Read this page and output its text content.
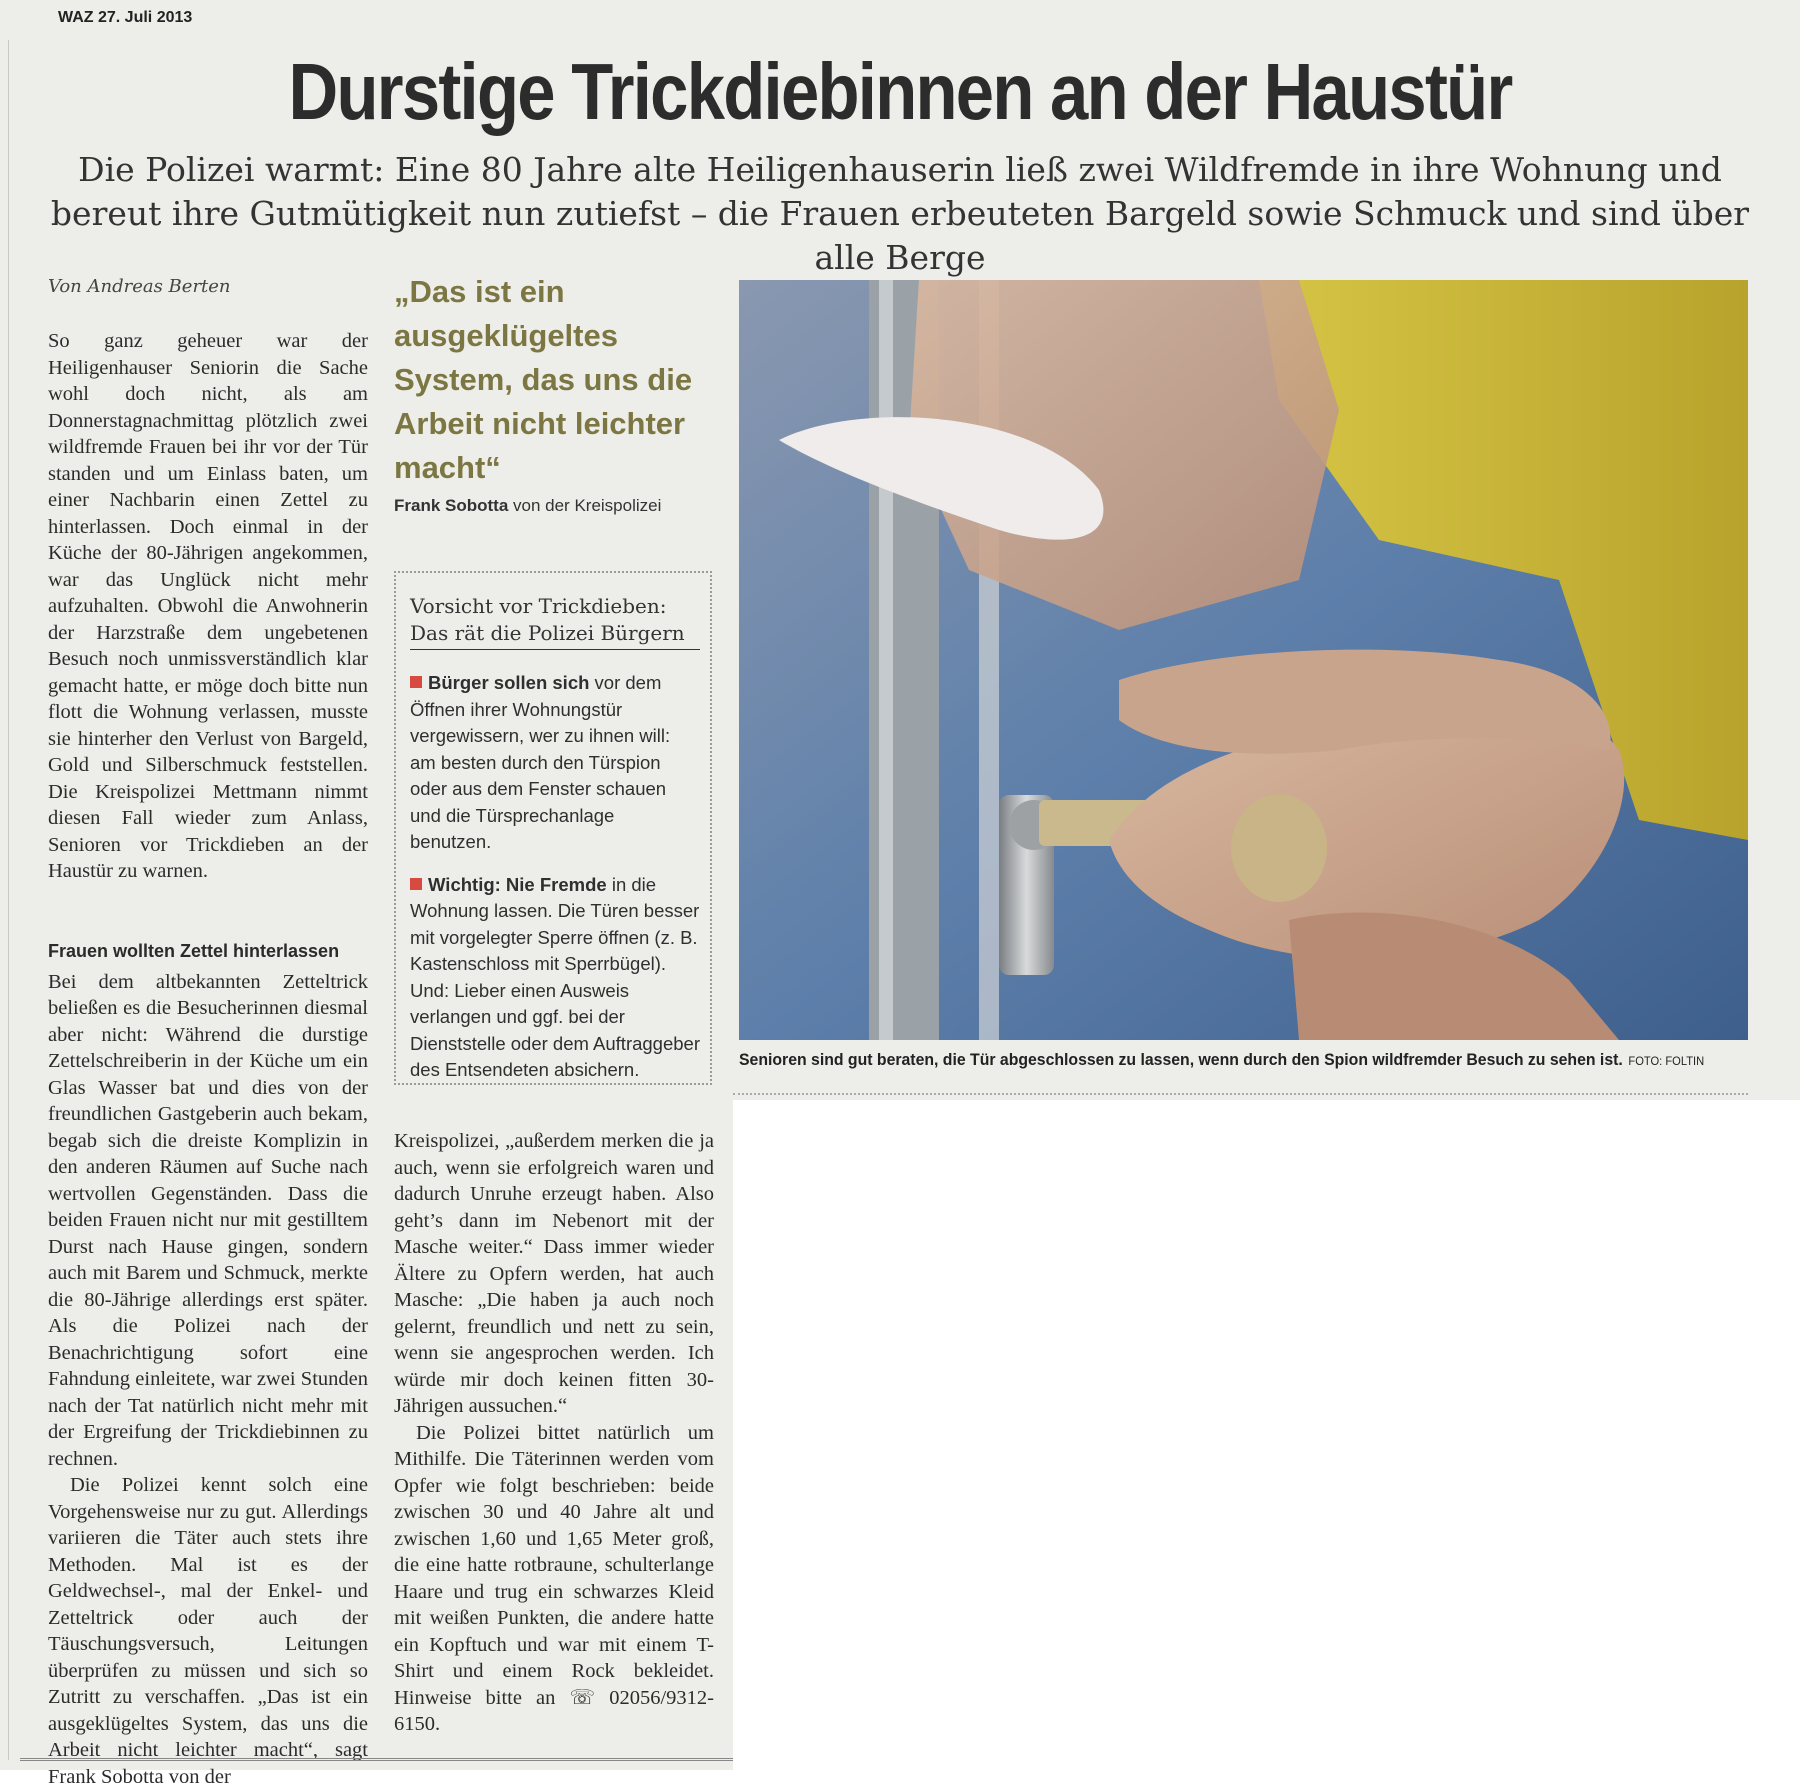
WAZ 27. Juli 2013
Durstige Trickdiebinnen an der Haustür
Die Polizei warmt: Eine 80 Jahre alte Heiligenhauserin ließ zwei Wildfremde in ihre Wohnung und bereut ihre Gutmütigkeit nun zutiefst – die Frauen erbeuteten Bargeld sowie Schmuck und sind über alle Berge
Von Andreas Berten

So ganz geheuer war der Heiligenhauser Seniorin die Sache wohl doch nicht, als am Donnerstagnachmittag plötzlich zwei wildfremde Frauen bei ihr vor der Tür standen und um Einlass baten, um einer Nachbarin einen Zettel zu hinterlassen. Doch einmal in der Küche der 80-Jährigen angekommen, war das Unglück nicht mehr aufzuhalten. Obwohl die Anwohnerin der Harzstraße dem ungebetenen Besuch noch unmissverständlich klar gemacht hatte, er möge doch bitte nun flott die Wohnung verlassen, musste sie hinterher den Verlust von Bargeld, Gold und Silberschmuck feststellen. Die Kreispolizei Mettmann nimmt diesen Fall wieder zum Anlass, Senioren vor Trickdieben an der Haustür zu warnen.

Frauen wollten Zettel hinterlassen

Bei dem altbekannten Zetteltrick beließen es die Besucherinnen diesmal aber nicht: Während die durstige Zettelschreiberin in der Küche um ein Glas Wasser bat und dies von der freundlichen Gastgeberin auch bekam, begab sich die dreiste Komplizin in den anderen Räumen auf Suche nach wertvollen Gegenständen. Dass die beiden Frauen nicht nur mit gestilltem Durst nach Hause gingen, sondern auch mit Barem und Schmuck, merkte die 80-Jährige allerdings erst später. Als die Polizei nach der Benachrichtigung sofort eine Fahndung einleitete, war zwei Stunden nach der Tat natürlich nicht mehr mit der Ergreifung der Trickdiebinnen zu rechnen.

Die Polizei kennt solch eine Vorgehensweise nur zu gut. Allerdings variieren die Täter auch stets ihre Methoden. Mal ist es der Geldwechsel-, mal der Enkel- und Zetteltrick oder auch der Täuschungsversuch, Leitungen überprüfen zu müssen und sich so Zutritt zu verschaffen. „Das ist ein ausgeklügeltes System, das uns die Arbeit nicht leichter macht“, sagt Frank Sobotta von der

„Das ist ein ausgeklügeltes System, das uns die Arbeit nicht leichter macht“
Frank Sobotta von der Kreispolizei
Vorsicht vor Trickdieben: Das rät die Polizei Bürgern
Bürger sollen sich vor dem Öffnen ihrer Wohnungstür vergewissern, wer zu ihnen will: am besten durch den Türspion oder aus dem Fenster schauen und die Türsprechanlage benutzen.
Wichtig: Nie Fremde in die Wohnung lassen. Die Türen besser mit vorgelegter Sperre öffnen (z. B. Kastenschloss mit Sperrbügel). Und: Lieber einen Ausweis verlangen und ggf. bei der Dienststelle oder dem Auftraggeber des Entsendeten absichern.

Kreispolizei, „außerdem merken die ja auch, wenn sie erfolgreich waren und dadurch Unruhe erzeugt haben. Also geht’s dann im Nebenort mit der Masche weiter.“ Dass immer wieder Ältere zu Opfern werden, hat auch Masche: „Die haben ja auch noch gelernt, freundlich und nett zu sein, wenn sie angesprochen werden. Ich würde mir doch keinen fitten 30-Jährigen aussuchen.“

Die Polizei bittet natürlich um Mithilfe. Die Täterinnen werden vom Opfer wie folgt beschrieben: beide zwischen 30 und 40 Jahre alt und zwischen 1,60 und 1,65 Meter groß, die eine hatte rotbraune, schulterlange Haare und trug ein schwarzes Kleid mit weißen Punkten, die andere hatte ein Kopftuch und war mit einem T-Shirt und einem Rock bekleidet. Hinweise bitte an ☏ 02056/9312-6150.

Senioren sind gut beraten, die Tür abgeschlossen zu lassen, wenn durch den Spion wildfremder Besuch zu sehen ist. FOTO: FOLTIN
